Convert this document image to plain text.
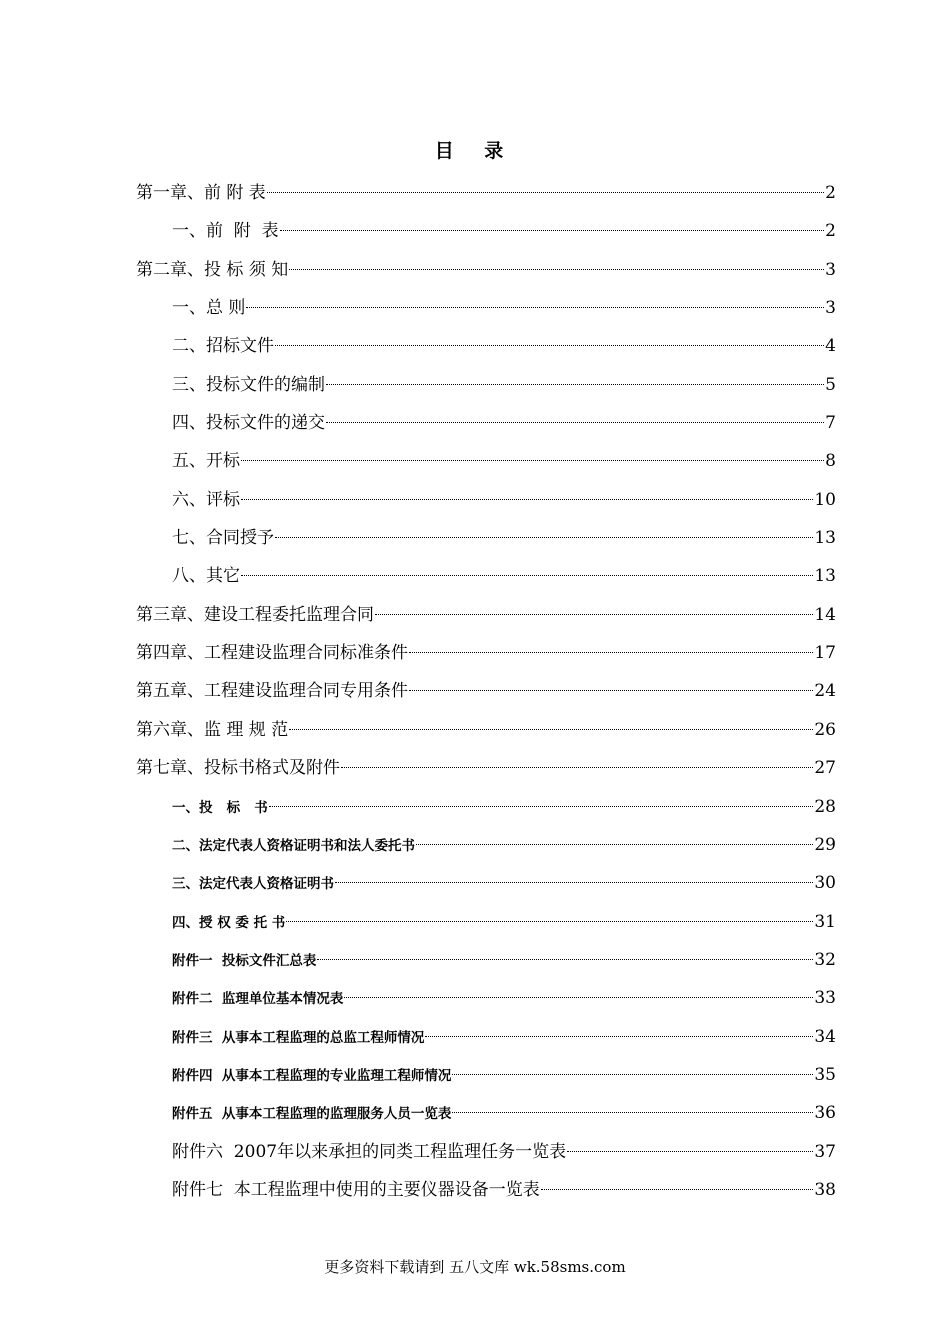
目 录
第一章、前 附 表	2
一、前  附  表	2
第二章、投 标 须 知	3
一、总 则	3
二、招标文件	4
三、投标文件的编制	5
四、投标文件的递交	7
五、开标	8
六、评标	10
七、合同授予	13
八、其它	13
第三章、建设工程委托监理合同	14
第四章、工程建设监理合同标准条件	17
第五章、工程建设监理合同专用条件	24
第六章、监 理 规 范	26
第七章、投标书格式及附件	27
一、投   标   书	28
二、法定代表人资格证明书和法人委托书	29
三、法定代表人资格证明书	30
四、授 权 委 托 书	31
附件一  投标文件汇总表	32
附件二  监理单位基本情况表	33
附件三  从事本工程监理的总监工程师情况	34
附件四  从事本工程监理的专业监理工程师情况	35
附件五  从事本工程监理的监理服务人员一览表	36
附件六  2007年以来承担的同类工程监理任务一览表	37
附件七  本工程监理中使用的主要仪器设备一览表	38
更多资料下载请到 五八文库 wk.58sms.com
